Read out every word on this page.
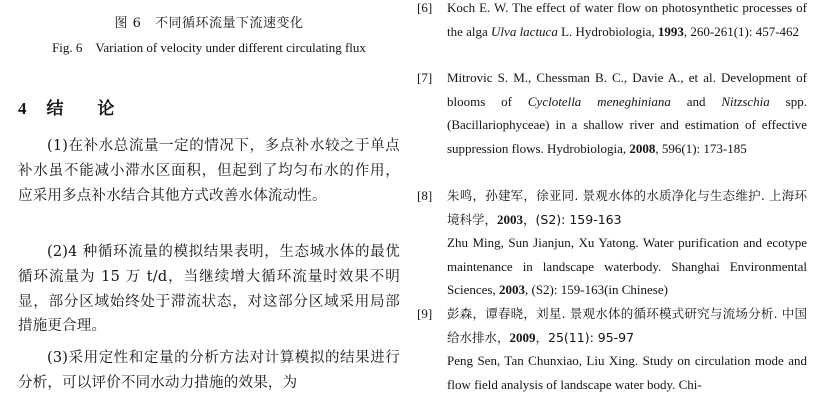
图 6　不同循环流量下流速变化
Fig. 6　Variation of velocity under different circulating flux
4 结 论

(1)在补水总流量一定的情况下，多点补水较之于单点补水虽不能减小滞水区面积，但起到了均匀布水的作用，应采用多点补水结合其他方式改善水体流动性。

(2)4 种循环流量的模拟结果表明，生态城水体的最优循环流量为 15 万 t/d，当继续增大循环流量时效果不明显，部分区域始终处于滞流状态，对这部分区域采用局部措施更合理。

(3)采用定性和定量的分析方法对计算模拟的结果进行分析，可以评价不同水动力措施的效果，为

[6] Koch E. W. The effect of water flow on photosynthetic processes of the alga Ulva lactuca L. Hydrobiologia, 1993, 260-261(1): 457-462
[7] Mitrovic S. M., Chessman B. C., Davie A., et al. Development of blooms of Cyclotella meneghiniana and Nitzschia spp. (Bacillariophyceae) in a shallow river and estimation of effective suppression flows. Hydrobiologia, 2008, 596(1): 173-185
[8] 朱鸣，孙建军，徐亚同. 景观水体的水质净化与生态维护. 上海环境科学，2003，(S2): 159-163
Zhu Ming, Sun Jianjun, Xu Yatong. Water purification and ecotype maintenance in landscape waterbody. Shanghai Environmental Sciences, 2003, (S2): 159-163(in Chinese)
[9] 彭森，谭春晓，刘星. 景观水体的循环模式研究与流场分析. 中国给水排水，2009，25(11): 95-97
Peng Sen, Tan Chunxiao, Liu Xing. Study on circulation mode and flow field analysis of landscape water body. Chi-
